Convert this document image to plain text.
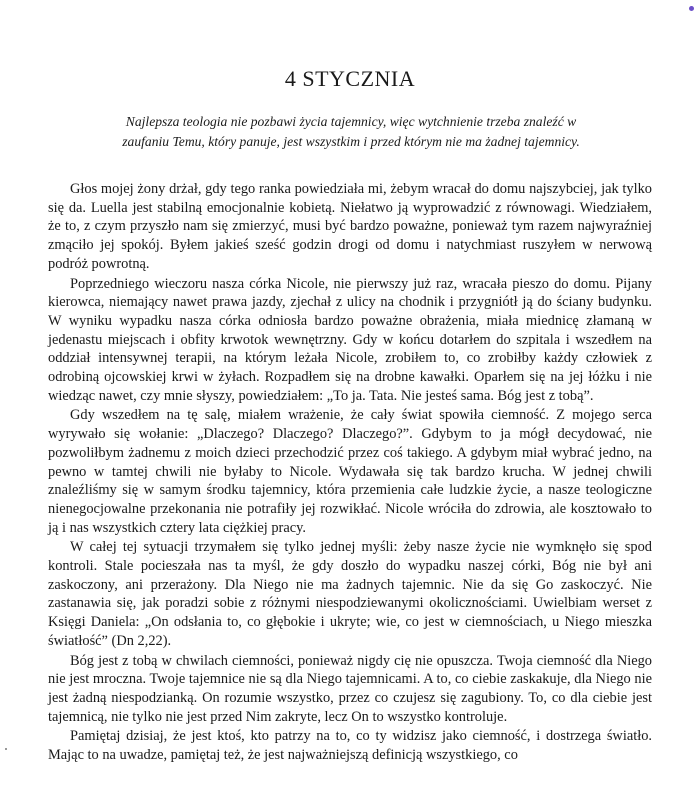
4 STYCZNIA

Najlepsza teologia nie pozbawi życia tajemnicy, więc wytchnienie trzeba znaleźć w zaufaniu Temu, który panuje, jest wszystkim i przed którym nie ma żadnej tajemnicy.

Głos mojej żony drżał, gdy tego ranka powiedziała mi, żebym wracał do domu najszybciej, jak tylko się da. Luella jest stabilną emocjonalnie kobietą. Niełatwo ją wyprowadzić z równowagi. Wiedziałem, że to, z czym przyszło nam się zmierzyć, musi być bardzo poważne, ponieważ tym razem najwyraźniej zmąciło jej spokój. Byłem jakieś sześć godzin drogi od domu i natychmiast ruszyłem w nerwową podróż powrotną.

Poprzedniego wieczoru nasza córka Nicole, nie pierwszy już raz, wracała pieszo do domu. Pijany kierowca, niemający nawet prawa jazdy, zjechał z ulicy na chodnik i przygniótł ją do ściany budynku. W wyniku wypadku nasza córka odniosła bardzo poważne obrażenia, miała miednicę złamaną w jedenastu miejscach i obfity krwotok wewnętrzny. Gdy w końcu dotarłem do szpitala i wszedłem na oddział intensywnej terapii, na którym leżała Nicole, zrobiłem to, co zrobiłby każdy człowiek z odrobiną ojcowskiej krwi w żyłach. Rozpadłem się na drobne kawałki. Oparłem się na jej łóżku i nie wiedząc nawet, czy mnie słyszy, powiedziałem: „To ja. Tata. Nie jesteś sama. Bóg jest z tobą”.

Gdy wszedłem na tę salę, miałem wrażenie, że cały świat spowiła ciemność. Z mojego serca wyrywało się wołanie: „Dlaczego? Dlaczego? Dlaczego?”. Gdybym to ja mógł decydować, nie pozwoliłbym żadnemu z moich dzieci przechodzić przez coś takiego. A gdybym miał wybrać jedno, na pewno w tamtej chwili nie byłaby to Nicole. Wydawała się tak bardzo krucha. W jednej chwili znaleźliśmy się w samym środku tajemnicy, która przemienia całe ludzkie życie, a nasze teologiczne nienegocjowalne przekonania nie potrafiły jej rozwikłać. Nicole wróciła do zdrowia, ale kosztowało to ją i nas wszystkich cztery lata ciężkiej pracy.

W całej tej sytuacji trzymałem się tylko jednej myśli: żeby nasze życie nie wymknęło się spod kontroli. Stale pocieszała nas ta myśl, że gdy doszło do wypadku naszej córki, Bóg nie był ani zaskoczony, ani przerażony. Dla Niego nie ma żadnych tajemnic. Nie da się Go zaskoczyć. Nie zastanawia się, jak poradzi sobie z różnymi niespodziewanymi okolicznościami. Uwielbiam werset z Księgi Daniela: „On odsłania to, co głębokie i ukryte; wie, co jest w ciemnościach, u Niego mieszka światłość” (Dn 2,22).

Bóg jest z tobą w chwilach ciemności, ponieważ nigdy cię nie opuszcza. Twoja ciemność dla Niego nie jest mroczna. Twoje tajemnice nie są dla Niego tajemnicami. A to, co ciebie zaskakuje, dla Niego nie jest żadną niespodzianką. On rozumie wszystko, przez co czujesz się zagubiony. To, co dla ciebie jest tajemnicą, nie tylko nie jest przed Nim zakryte, lecz On to wszystko kontroluje.

Pamiętaj dzisiaj, że jest ktoś, kto patrzy na to, co ty widzisz jako ciemność, i dostrzega światło. Mając to na uwadze, pamiętaj też, że jest najważniejszą definicją wszystkiego, co
